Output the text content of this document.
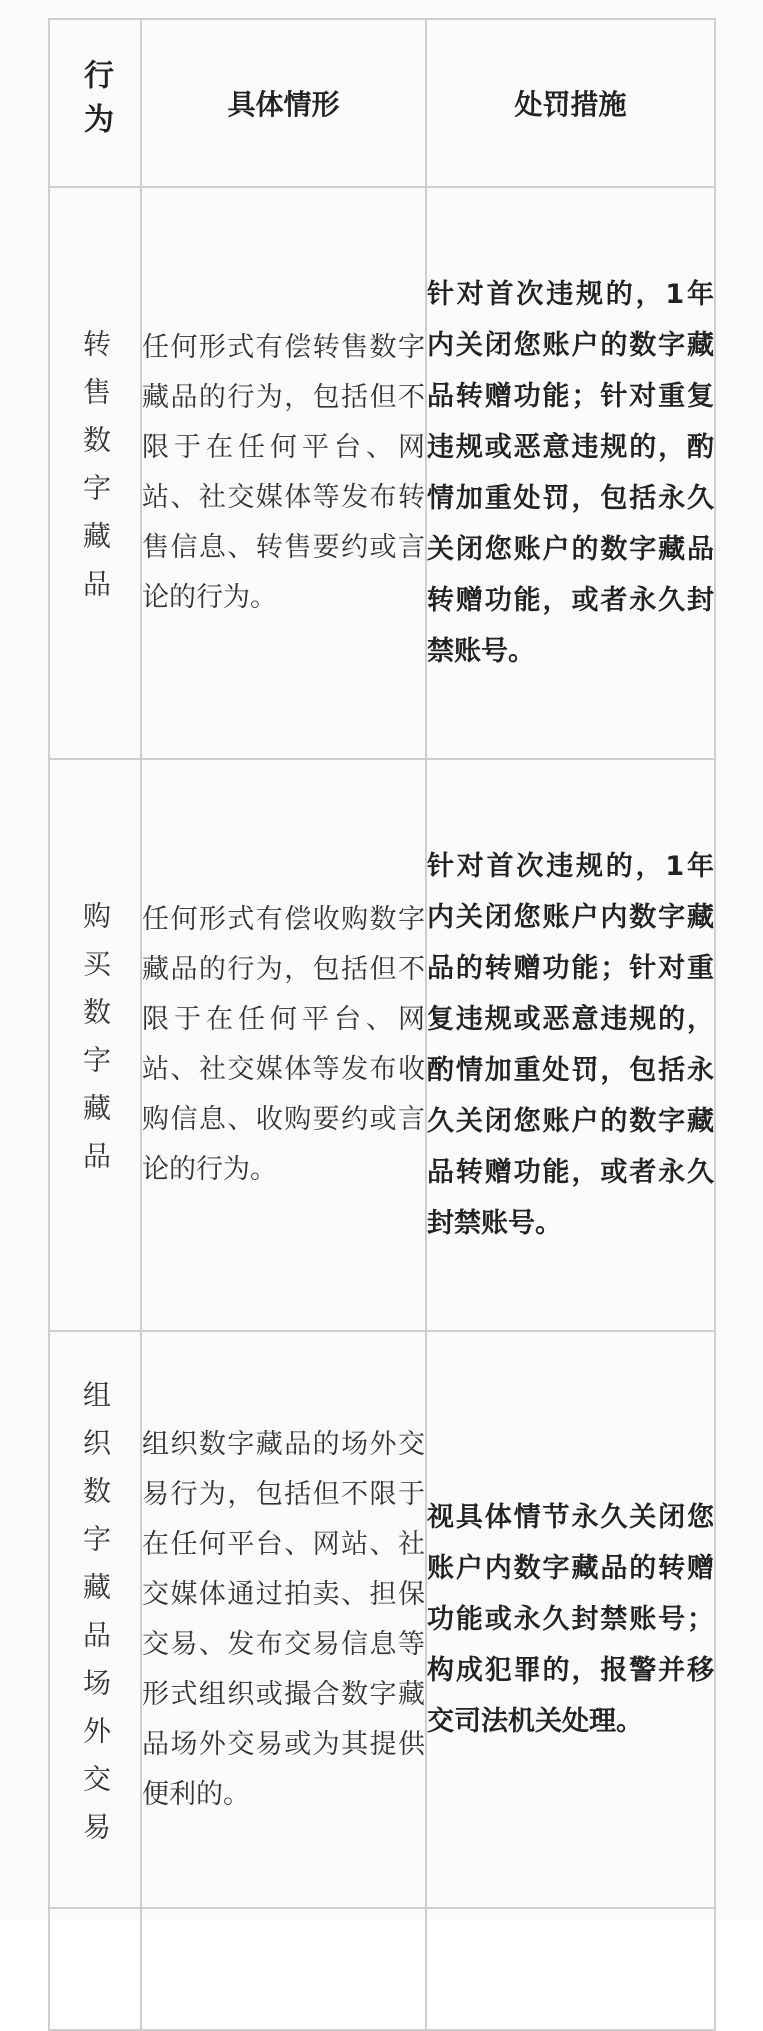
行为	具体情形	处罚措施

转售数字藏品	任何形式有偿转售数字藏品的行为，包括但不限于在任何平台、网站、社交媒体等发布转售信息、转售要约或言论的行为。	针对首次违规的，1年内关闭您账户的数字藏品转赠功能；针对重复违规或恶意违规的，酌情加重处罚，包括永久关闭您账户的数字藏品转赠功能，或者永久封禁账号。

购买数字藏品	任何形式有偿收购数字藏品的行为，包括但不限于在任何平台、网站、社交媒体等发布收购信息、收购要约或言论的行为。	针对首次违规的，1年内关闭您账户内数字藏品的转赠功能；针对重复违规或恶意违规的，酌情加重处罚，包括永久关闭您账户的数字藏品转赠功能，或者永久封禁账号。

组织数字藏品场外交易	组织数字藏品的场外交易行为，包括但不限于在任何平台、网站、社交媒体通过拍卖、担保交易、发布交易信息等形式组织或撮合数字藏品场外交易或为其提供便利的。	视具体情节永久关闭您账户内数字藏品的转赠功能或永久封禁账号；构成犯罪的，报警并移交司法机关处理。
